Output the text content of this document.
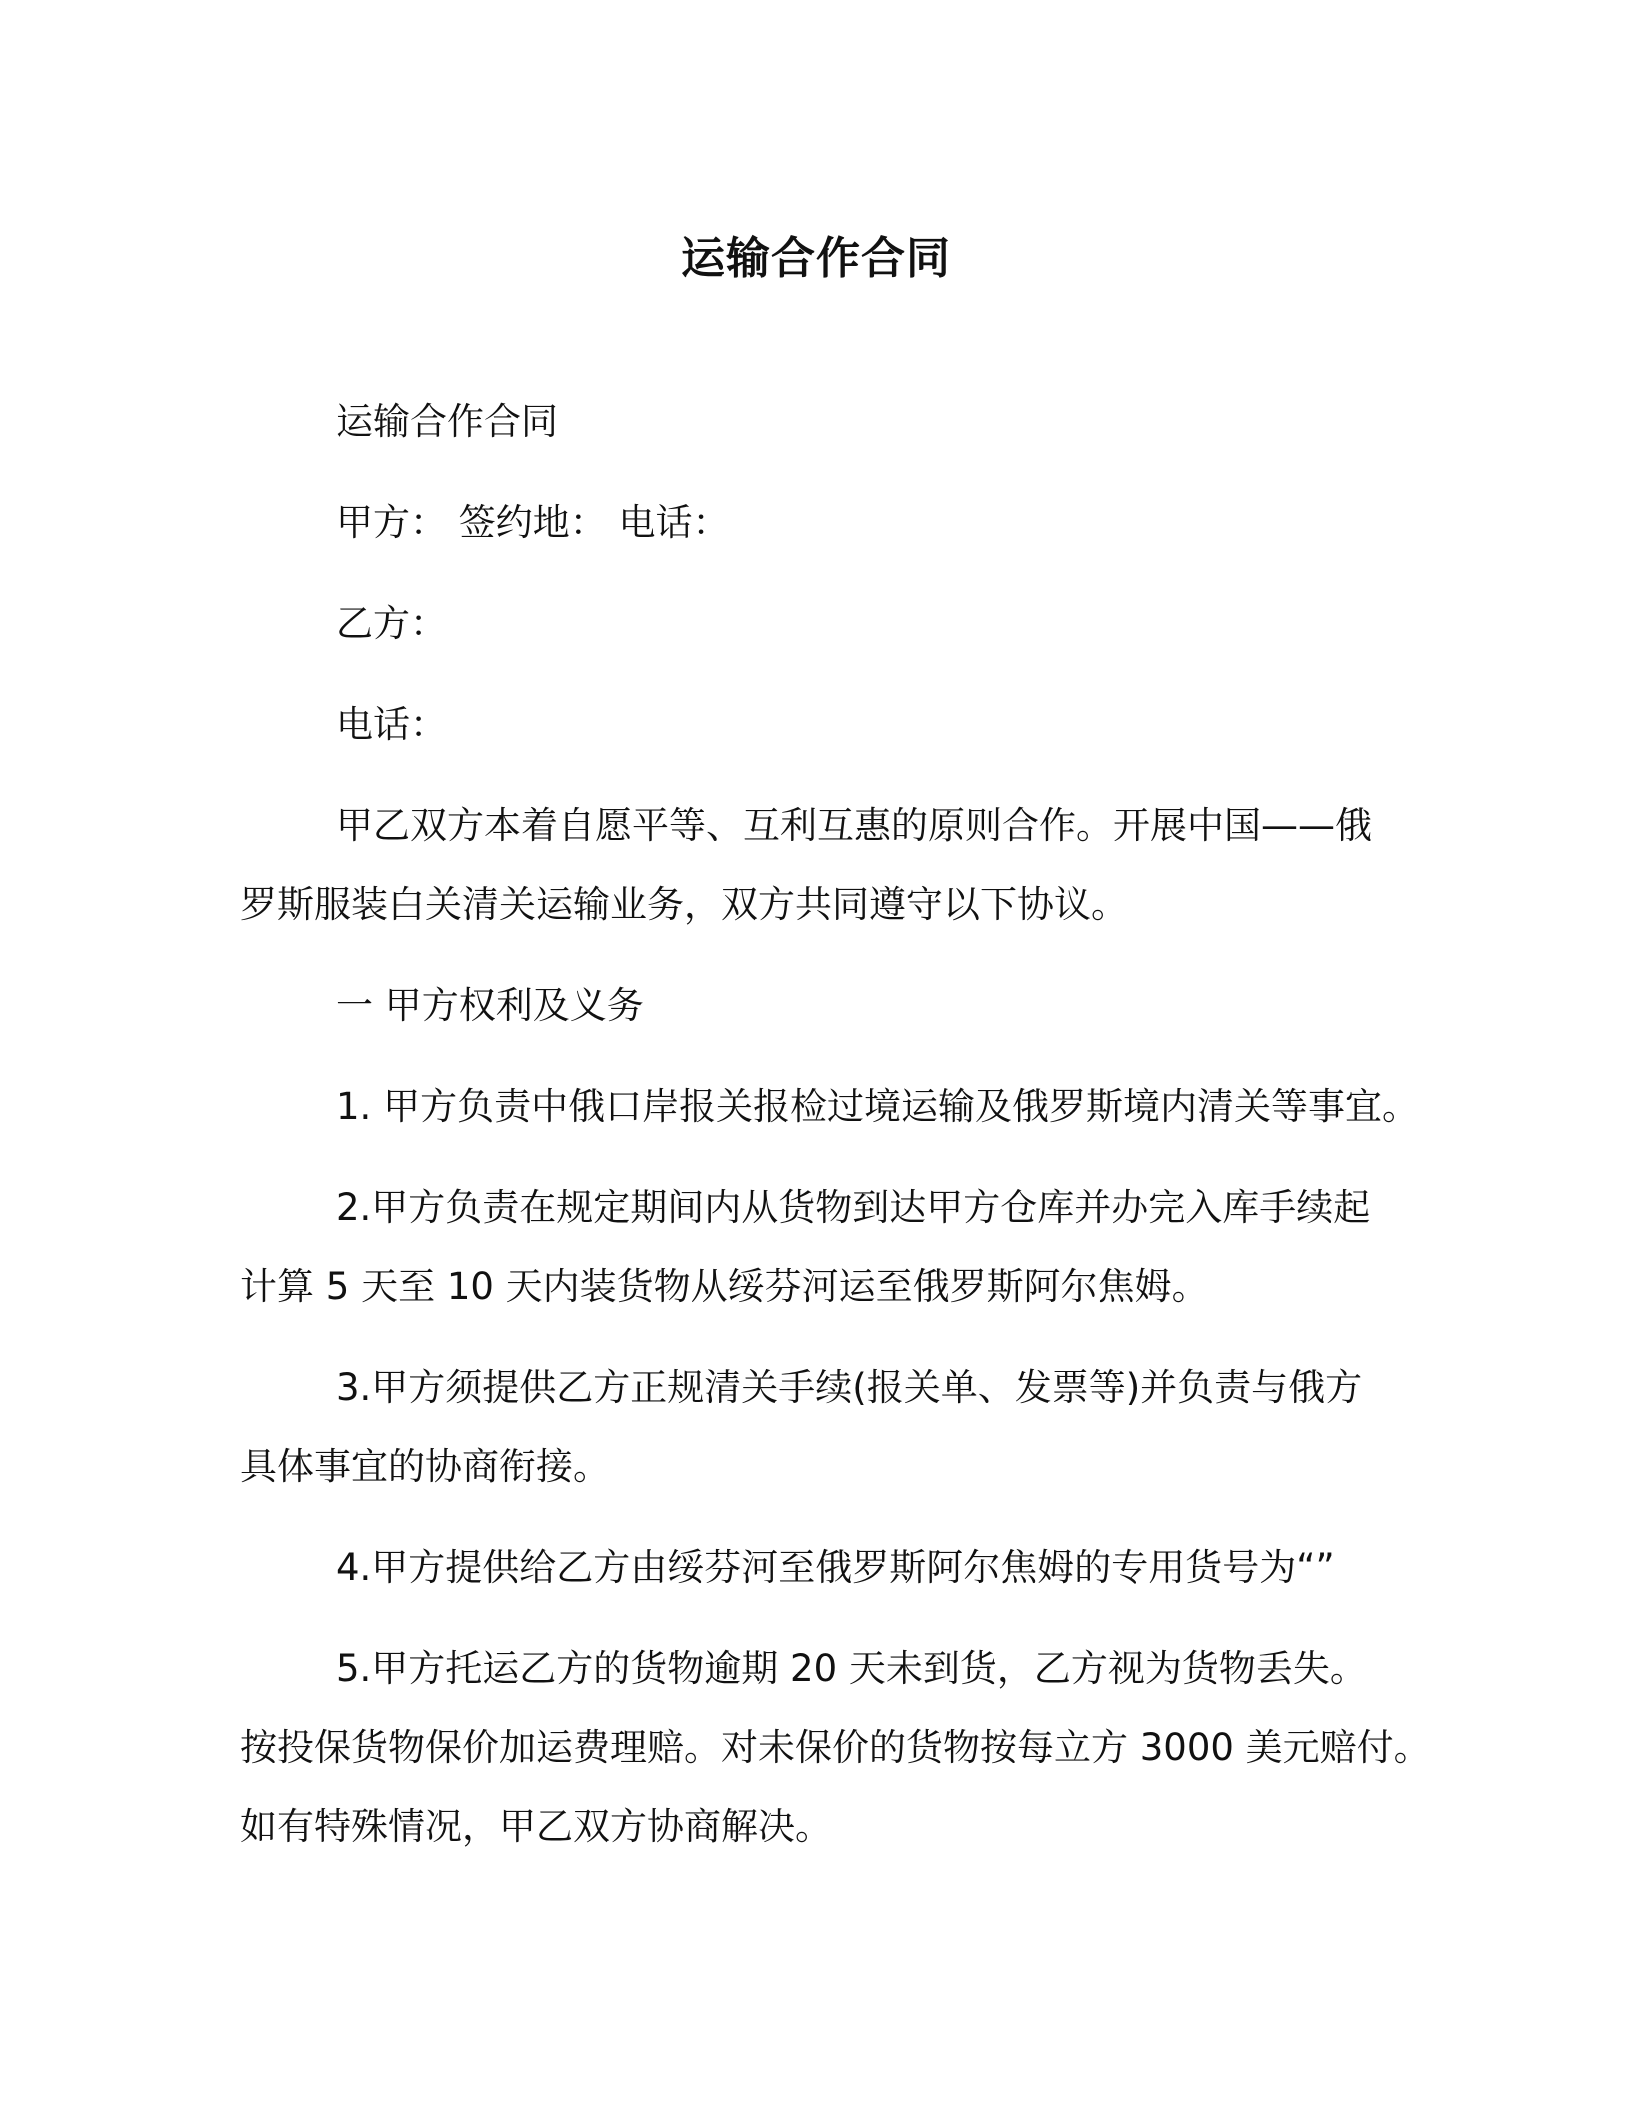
运输合作合同
运输合作合同
甲方： 签约地： 电话：
乙方：
电话：
甲乙双方本着自愿平等、互利互惠的原则合作。开展中国——俄
罗斯服装白关清关运输业务，双方共同遵守以下协议。
一 甲方权利及义务
1. 甲方负责中俄口岸报关报检过境运输及俄罗斯境内清关等事宜。
2.甲方负责在规定期间内从货物到达甲方仓库并办完入库手续起
计算 5 天至 10 天内装货物从绥芬河运至俄罗斯阿尔焦姆。
3.甲方须提供乙方正规清关手续(报关单、发票等)并负责与俄方
具体事宜的协商衔接。
4.甲方提供给乙方由绥芬河至俄罗斯阿尔焦姆的专用货号为“”
5.甲方托运乙方的货物逾期 20 天未到货，乙方视为货物丢失。
按投保货物保价加运费理赔。对未保价的货物按每立方 3000 美元赔付。
如有特殊情况，甲乙双方协商解决。
